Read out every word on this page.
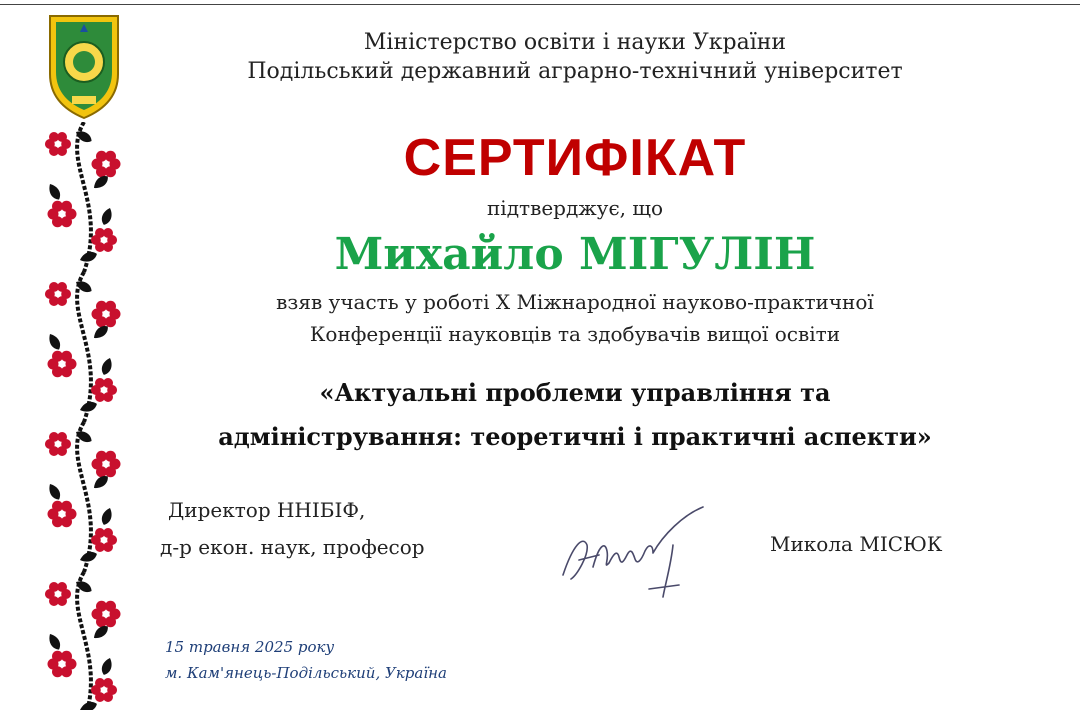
Міністерство освіти і науки України
Подільський державний аграрно-технічний університет
СЕРТИФІКАТ
підтверджує, що
Михайло МІГУЛІН
взяв участь у роботі X Міжнародної науково-практичної
Конференції науковців та здобувачів вищої освіти
«Актуальні проблеми управління та
адміністрування: теоретичні і практичні аспекти»
Директор ННІБІФ,
д-р екон. наук, професор	Микола МІСЮК
15 травня 2025 року
м. Кам'янець-Подільський, Україна
